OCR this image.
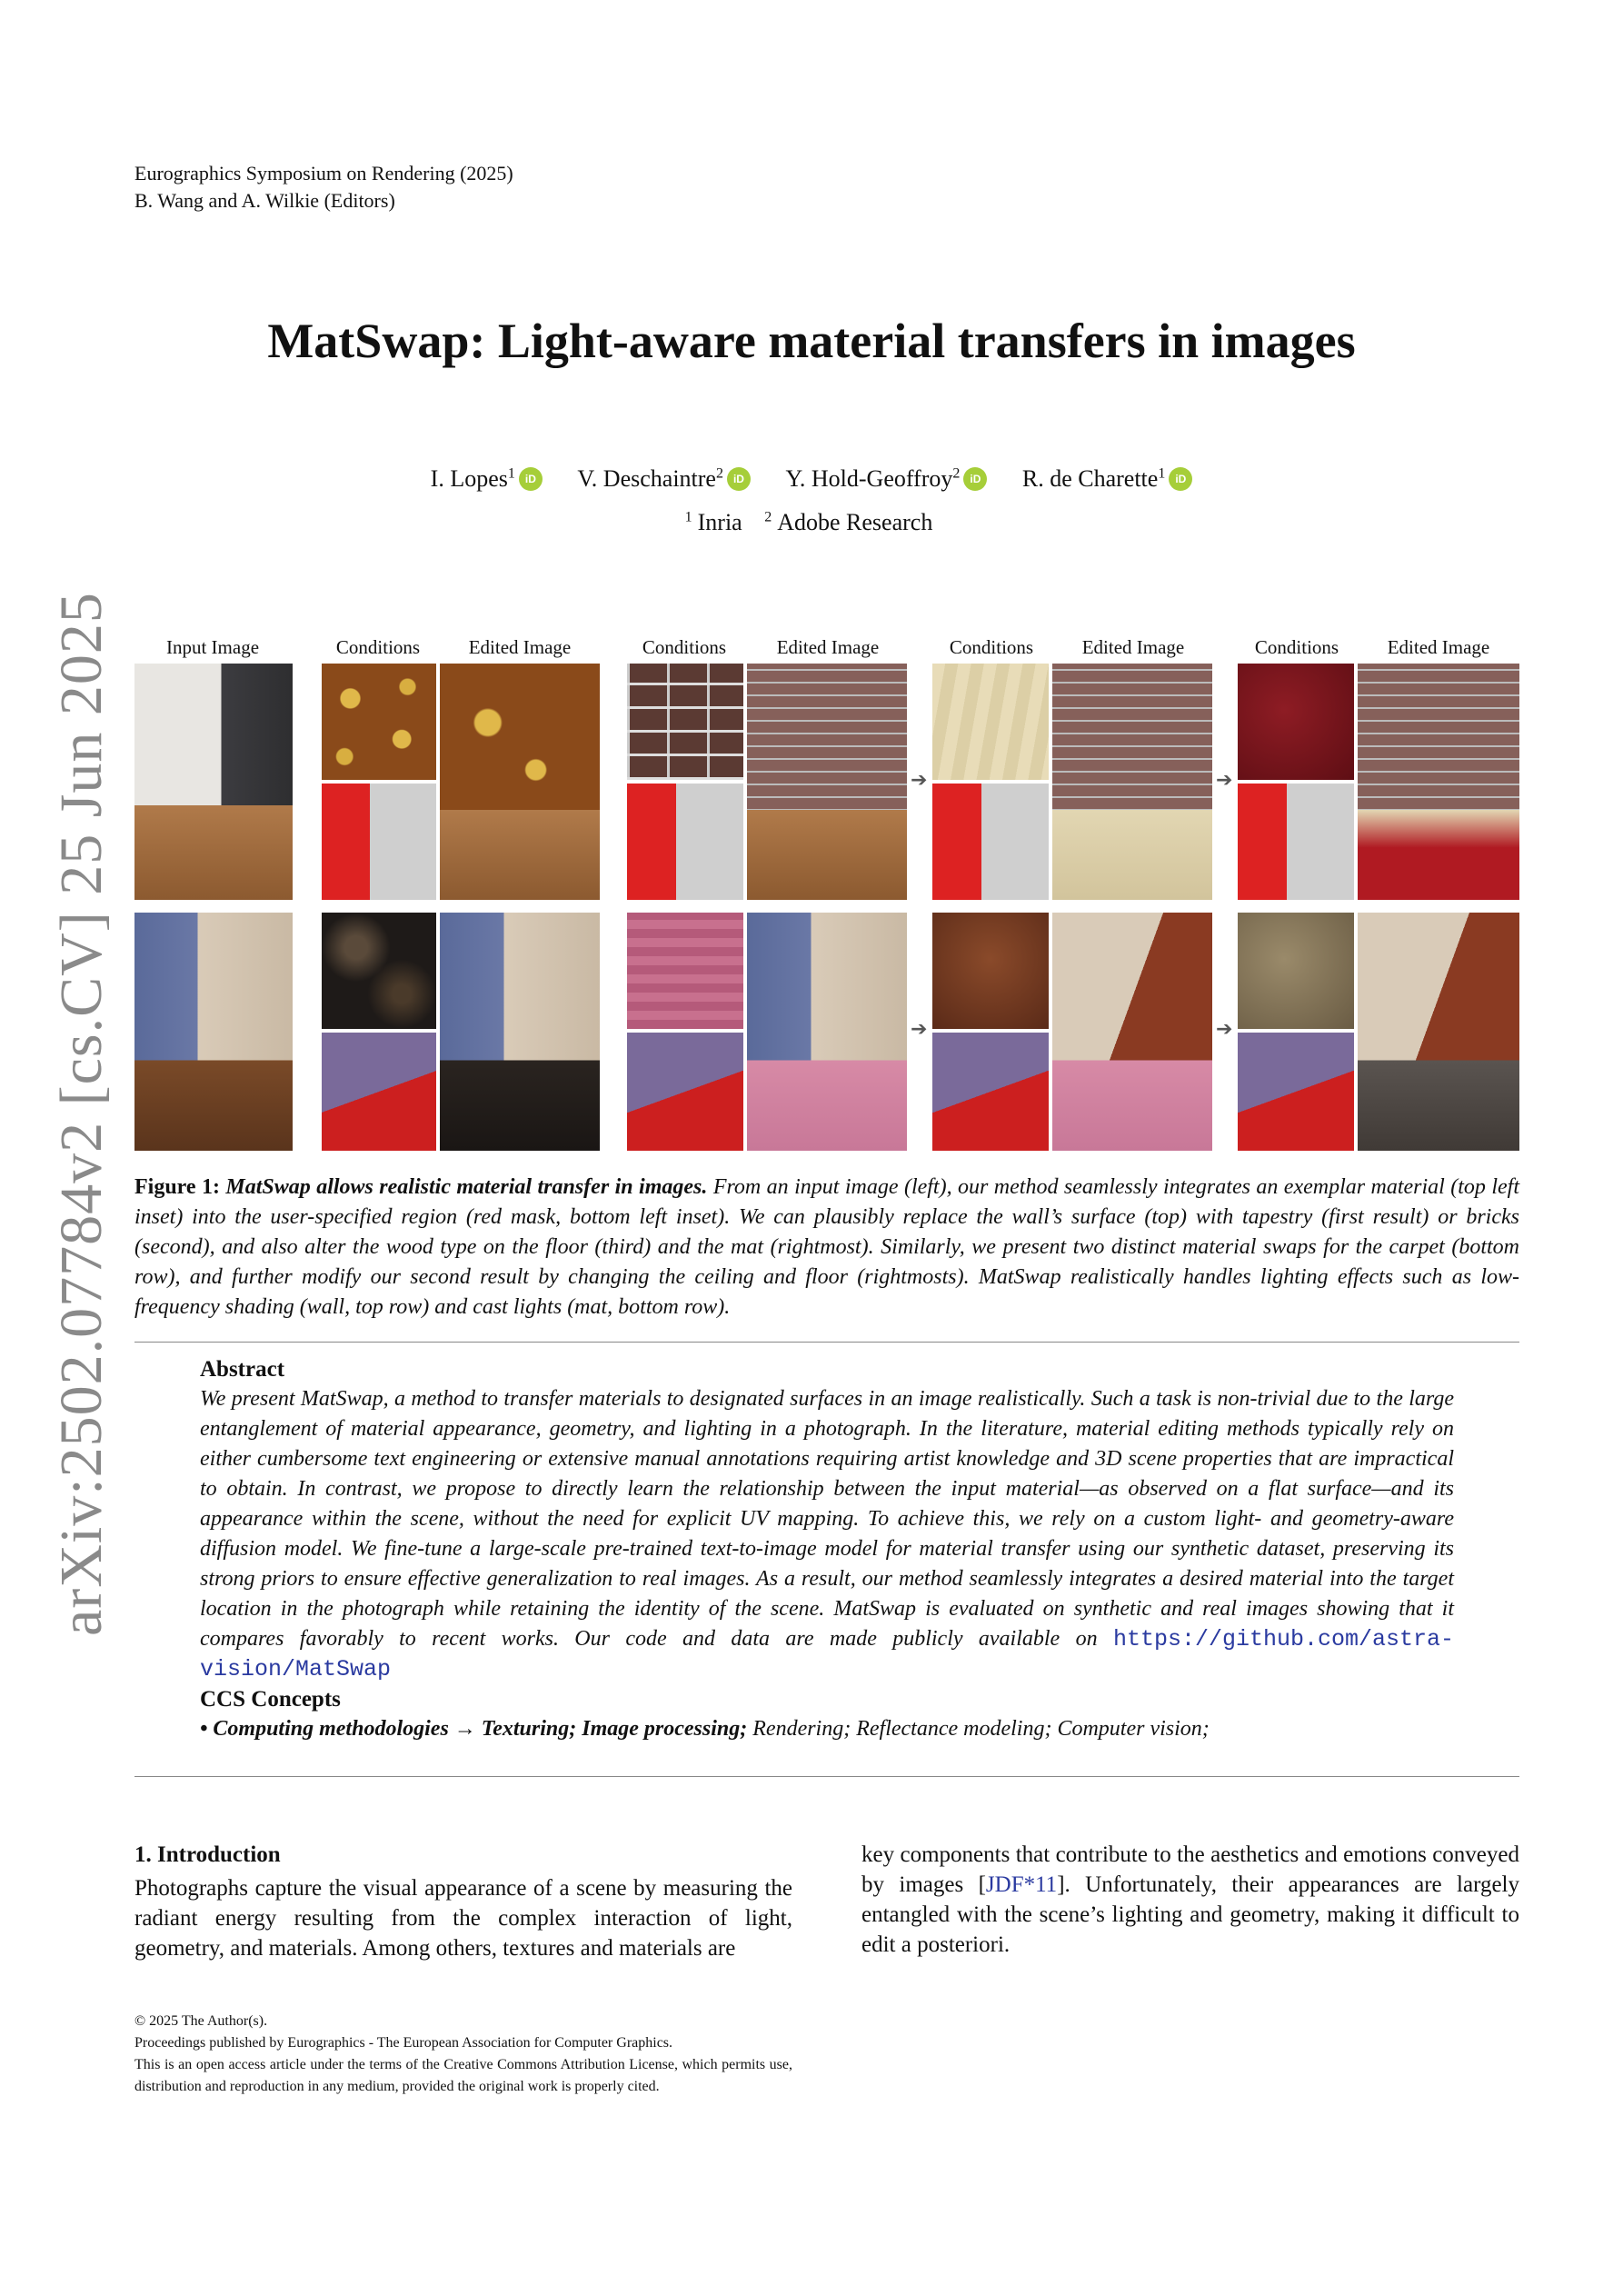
Eurographics Symposium on Rendering (2025)
B. Wang and A. Wilkie (Editors)
MatSwap: Light-aware material transfers in images
I. Lopes$^1$ iD V. Deschaintre$^2$ iD Y. Hold-Geoffroy$^2$ iD R. de Charette$^1$ iD
$^1$ Inria $^2$ Adobe Research
arXiv:2502.07784v2 [cs.CV] 25 Jun 2025	Input Image	Conditions	Edited Image	Conditions	Edited Image	Conditions	Edited Image	Conditions	Edited Image
➔	➔
➔	➔
Figure 1: MatSwap allows realistic material transfer in images. From an input image (left), our method seamlessly integrates an exemplar material (top left inset) into the user-specified region (red mask, bottom left inset). We can plausibly replace the wall’s surface (top) with tapestry (first result) or bricks (second), and also alter the wood type on the floor (third) and the mat (rightmost). Similarly, we present two distinct material swaps for the carpet (bottom row), and further modify our second result by changing the ceiling and floor (rightmosts). MatSwap realistically handles lighting effects such as low-frequency shading (wall, top row) and cast lights (mat, bottom row).
Abstract

We present MatSwap, a method to transfer materials to designated surfaces in an image realistically. Such a task is non-trivial due to the large entanglement of material appearance, geometry, and lighting in a photograph. In the literature, material editing methods typically rely on either cumbersome text engineering or extensive manual annotations requiring artist knowledge and 3D scene properties that are impractical to obtain. In contrast, we propose to directly learn the relationship between the input material—as observed on a flat surface—and its appearance within the scene, without the need for explicit UV mapping. To achieve this, we rely on a custom light- and geometry-aware diffusion model. We fine-tune a large-scale pre-trained text-to-image model for material transfer using our synthetic dataset, preserving its strong priors to ensure effective generalization to real images. As a result, our method seamlessly integrates a desired material into the target location in the photograph while retaining the identity of the scene. MatSwap is evaluated on synthetic and real images showing that it compares favorably to recent works. Our code and data are made publicly available on https://github.com/astra-vision/MatSwap

CCS Concepts
• Computing methodologies → Texturing; Image processing; Rendering; Reflectance modeling; Computer vision;
1. Introduction

Photographs capture the visual appearance of a scene by measuring the radiant energy resulting from the complex interaction of light, geometry, and materials. Among others, textures and materials are

key components that contribute to the aesthetics and emotions conveyed by images [JDF*11]. Unfortunately, their appearances are largely entangled with the scene’s lighting and geometry, making it difficult to edit a posteriori.

© 2025 The Author(s).
Proceedings published by Eurographics - The European Association for Computer Graphics.
This is an open access article under the terms of the Creative Commons Attribution License, which permits use, distribution and reproduction in any medium, provided the original work is properly cited.
